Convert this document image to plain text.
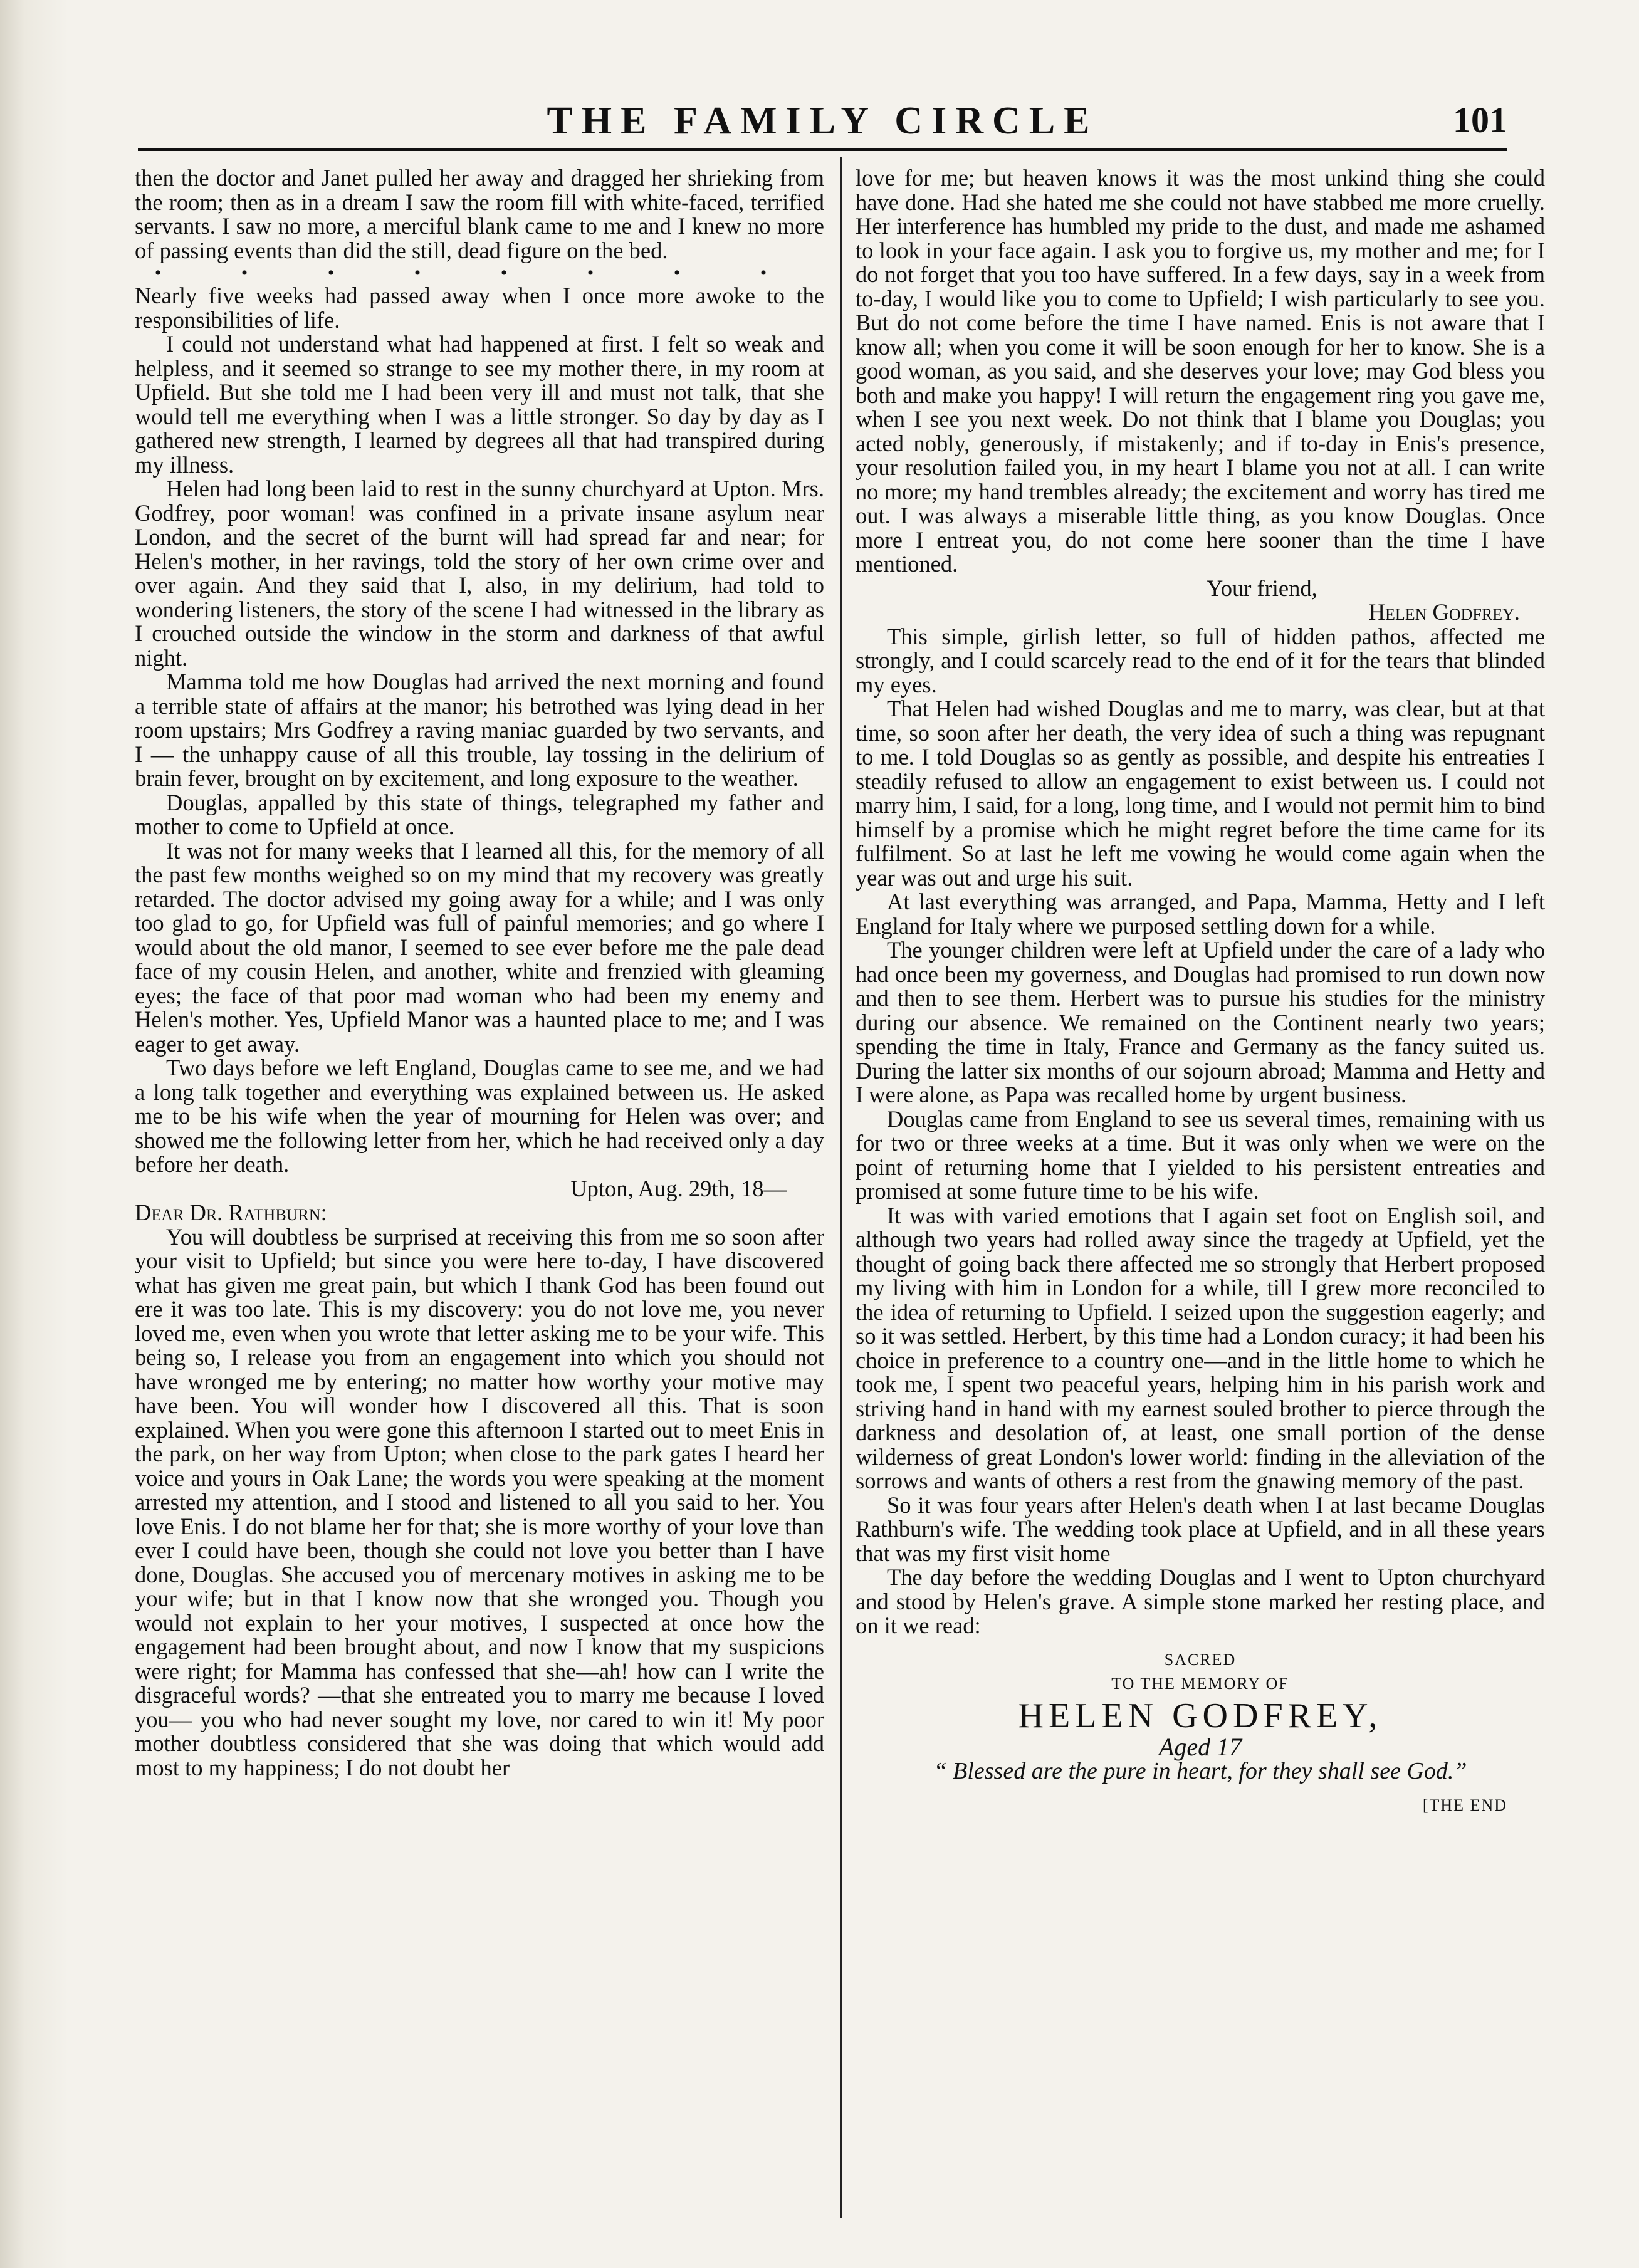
THE FAMILY CIRCLE	101

then the doctor and Janet pulled her away and dragged her shrieking from the room; then as in a dream I saw the room fill with white-faced, terrified servants. I saw no more, a merciful blank came to me and I knew no more of passing events than did the still, dead figure on the bed.

• • • • • • • •

Nearly five weeks had passed away when I once more awoke to the responsibilities of life.

I could not understand what had happened at first. I felt so weak and helpless, and it seemed so strange to see my mother there, in my room at Upfield. But she told me I had been very ill and must not talk, that she would tell me everything when I was a little stronger. So day by day as I gathered new strength, I learned by degrees all that had transpired during my illness.

Helen had long been laid to rest in the sunny churchyard at Upton. Mrs. Godfrey, poor woman! was confined in a private insane asylum near London, and the secret of the burnt will had spread far and near; for Helen's mother, in her ravings, told the story of her own crime over and over again. And they said that I, also, in my delirium, had told to wondering listeners, the story of the scene I had witnessed in the library as I crouched outside the window in the storm and darkness of that awful night.

Mamma told me how Douglas had arrived the next morning and found a terrible state of affairs at the manor; his betrothed was lying dead in her room upstairs; Mrs Godfrey a raving maniac guarded by two servants, and I — the unhappy cause of all this trouble, lay tossing in the delirium of brain fever, brought on by excitement, and long exposure to the weather.

Douglas, appalled by this state of things, telegraphed my father and mother to come to Upfield at once.

It was not for many weeks that I learned all this, for the memory of all the past few months weighed so on my mind that my recovery was greatly retarded. The doctor advised my going away for a while; and I was only too glad to go, for Upfield was full of painful memories; and go where I would about the old manor, I seemed to see ever before me the pale dead face of my cousin Helen, and another, white and frenzied with gleaming eyes; the face of that poor mad woman who had been my enemy and Helen's mother. Yes, Upfield Manor was a haunted place to me; and I was eager to get away.

Two days before we left England, Douglas came to see me, and we had a long talk together and everything was explained between us. He asked me to be his wife when the year of mourning for Helen was over; and showed me the following letter from her, which he had received only a day before her death.

Upton, Aug. 29th, 18—

Dear Dr. Rathburn:

You will doubtless be surprised at receiving this from me so soon after your visit to Upfield; but since you were here to-day, I have discovered what has given me great pain, but which I thank God has been found out ere it was too late. This is my discovery: you do not love me, you never loved me, even when you wrote that letter asking me to be your wife. This being so, I release you from an engagement into which you should not have wronged me by entering; no matter how worthy your motive may have been. You will wonder how I discovered all this. That is soon explained. When you were gone this afternoon I started out to meet Enis in the park, on her way from Upton; when close to the park gates I heard her voice and yours in Oak Lane; the words you were speaking at the moment arrested my attention, and I stood and listened to all you said to her. You love Enis. I do not blame her for that; she is more worthy of your love than ever I could have been, though she could not love you better than I have done, Douglas. She accused you of mercenary motives in asking me to be your wife; but in that I know now that she wronged you. Though you would not explain to her your motives, I suspected at once how the engagement had been brought about, and now I know that my suspicions were right; for Mamma has confessed that she—ah! how can I write the disgraceful words? —that she entreated you to marry me because I loved you— you who had never sought my love, nor cared to win it! My poor mother doubtless considered that she was doing that which would add most to my happiness; I do not doubt her

love for me; but heaven knows it was the most unkind thing she could have done. Had she hated me she could not have stabbed me more cruelly. Her interference has humbled my pride to the dust, and made me ashamed to look in your face again. I ask you to forgive us, my mother and me; for I do not forget that you too have suffered. In a few days, say in a week from to-day, I would like you to come to Upfield; I wish particularly to see you. But do not come before the time I have named. Enis is not aware that I know all; when you come it will be soon enough for her to know. She is a good woman, as you said, and she deserves your love; may God bless you both and make you happy! I will return the engagement ring you gave me, when I see you next week. Do not think that I blame you Douglas; you acted nobly, generously, if mistakenly; and if to-day in Enis's presence, your resolution failed you, in my heart I blame you not at all. I can write no more; my hand trembles already; the excitement and worry has tired me out. I was always a miserable little thing, as you know Douglas. Once more I entreat you, do not come here sooner than the time I have mentioned.

Your friend,

Helen Godfrey.

This simple, girlish letter, so full of hidden pathos, affected me strongly, and I could scarcely read to the end of it for the tears that blinded my eyes.

That Helen had wished Douglas and me to marry, was clear, but at that time, so soon after her death, the very idea of such a thing was repugnant to me. I told Douglas so as gently as possible, and despite his entreaties I steadily refused to allow an engagement to exist between us. I could not marry him, I said, for a long, long time, and I would not permit him to bind himself by a promise which he might regret before the time came for its fulfilment. So at last he left me vowing he would come again when the year was out and urge his suit.

At last everything was arranged, and Papa, Mamma, Hetty and I left England for Italy where we purposed settling down for a while.

The younger children were left at Upfield under the care of a lady who had once been my governess, and Douglas had promised to run down now and then to see them. Herbert was to pursue his studies for the ministry during our absence. We remained on the Continent nearly two years; spending the time in Italy, France and Germany as the fancy suited us. During the latter six months of our sojourn abroad; Mamma and Hetty and I were alone, as Papa was recalled home by urgent business.

Douglas came from England to see us several times, remaining with us for two or three weeks at a time. But it was only when we were on the point of returning home that I yielded to his persistent entreaties and promised at some future time to be his wife.

It was with varied emotions that I again set foot on English soil, and although two years had rolled away since the tragedy at Upfield, yet the thought of going back there affected me so strongly that Herbert proposed my living with him in London for a while, till I grew more reconciled to the idea of returning to Upfield. I seized upon the suggestion eagerly; and so it was settled. Herbert, by this time had a London curacy; it had been his choice in preference to a country one—and in the little home to which he took me, I spent two peaceful years, helping him in his parish work and striving hand in hand with my earnest souled brother to pierce through the darkness and desolation of, at least, one small portion of the dense wilderness of great London's lower world: finding in the alleviation of the sorrows and wants of others a rest from the gnawing memory of the past.

So it was four years after Helen's death when I at last became Douglas Rathburn's wife. The wedding took place at Upfield, and in all these years that was my first visit home

The day before the wedding Douglas and I went to Upton churchyard and stood by Helen's grave. A simple stone marked her resting place, and on it we read:

SACRED

TO THE MEMORY OF

HELEN GODFREY,

Aged 17

“ Blessed are the pure in heart, for they shall see God.”

[THE END
